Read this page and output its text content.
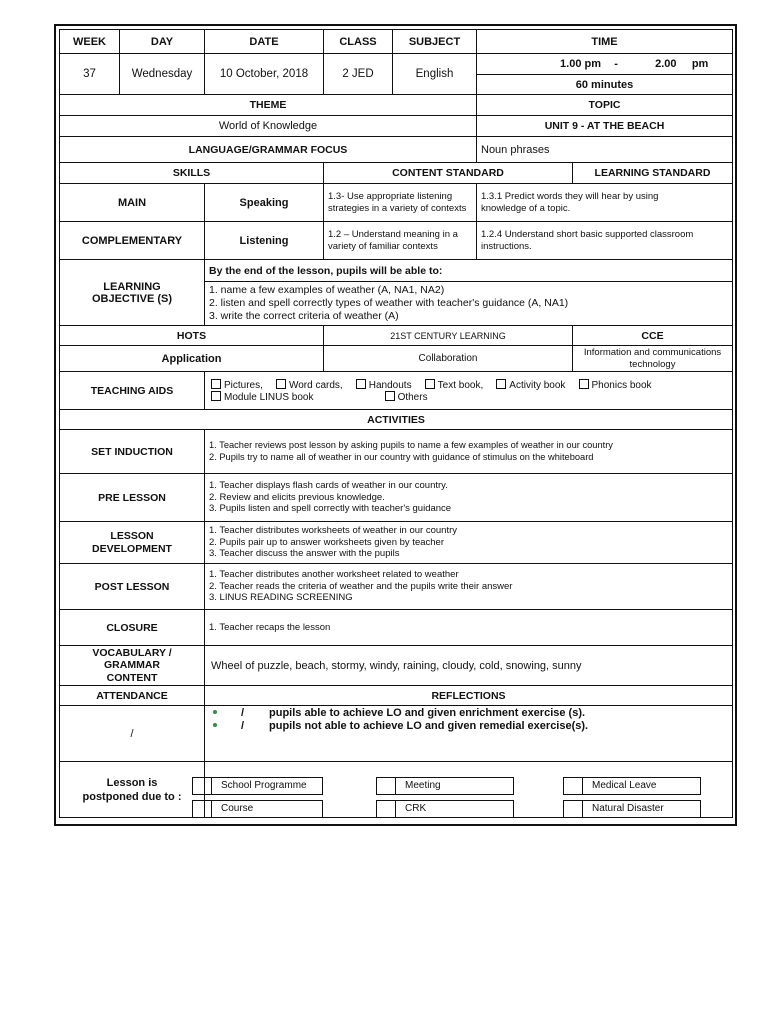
WEEK	DAY	DATE	CLASS	SUBJECT	TIME	
37	Wednesday	10 October, 2018	2 JED	English	1.00 pm - 2.00     pm	
					60 minutes	
THEME					TOPIC	
World of Knowledge					UNIT 9 - AT THE BEACH	
LANGUAGE/GRAMMAR FOCUS					Noun phrases	
SKILLS			CONTENT STANDARD			LEARNING STANDARD
MAIN		Speaking	1.3- Use appropriate listening
strategies in a variety of contexts		1.3.1 Predict words they will hear by using
knowledge of a topic.	

COMPLEMENTARY		Listening	1.2 – Understand meaning in a
variety of familiar contexts		1.2.4 Understand short basic supported classroom
instructions.	

LEARNING
OBJECTIVE (S)		By the end of the lesson, pupils will be able to:				

		1. name a few examples of weather (A, NA1, NA2)
2. listen and spell correctly types of weather with teacher's guidance (A, NA1)
3. write the correct criteria of weather (A)				

HOTS			21ST CENTURY LEARNING			CCE
Application			Collaboration			Information and communications
technology

TEACHING AIDS		Pictures, Word cards, Handouts Text book, Activity book Phonics book
Module LINUS book Others				

ACTIVITIES						
SET INDUCTION		1. Teacher reviews post lesson by asking pupils to name a few examples of weather in our country
2. Pupils try to name all of weather in our country with guidance of stimulus on the whiteboard				

PRE LESSON		1. Teacher displays flash cards of weather in our country.
2. Review and elicits previous knowledge.
3. Pupils listen and spell correctly with teacher's guidance				

LESSON
DEVELOPMENT		1. Teacher distributes worksheets of weather in our country
2. Pupils pair up to answer worksheets given by teacher
3. Teacher discuss the answer with the pupils				

POST LESSON		1. Teacher distributes another worksheet related to weather
2. Teacher reads the criteria of weather and the pupils write their answer
3. LINUS READING SCREENING				

CLOSURE		1. Teacher recaps the lesson				

VOCABULARY /
GRAMMAR
CONTENT		Wheel of puzzle, beach, stormy, windy, raining, cloudy, cold, snowing, sunny				
ATTENDANCE		REFLECTIONS				
/		/ pupils able to achieve LO and given enrichment exercise (s).
/ pupils not able to achieve LO and given remedial exercise(s).				

Lesson is
postponed due to :						

School Programme	Meeting	Medical Leave
Course	CRK	Natural Disaster
